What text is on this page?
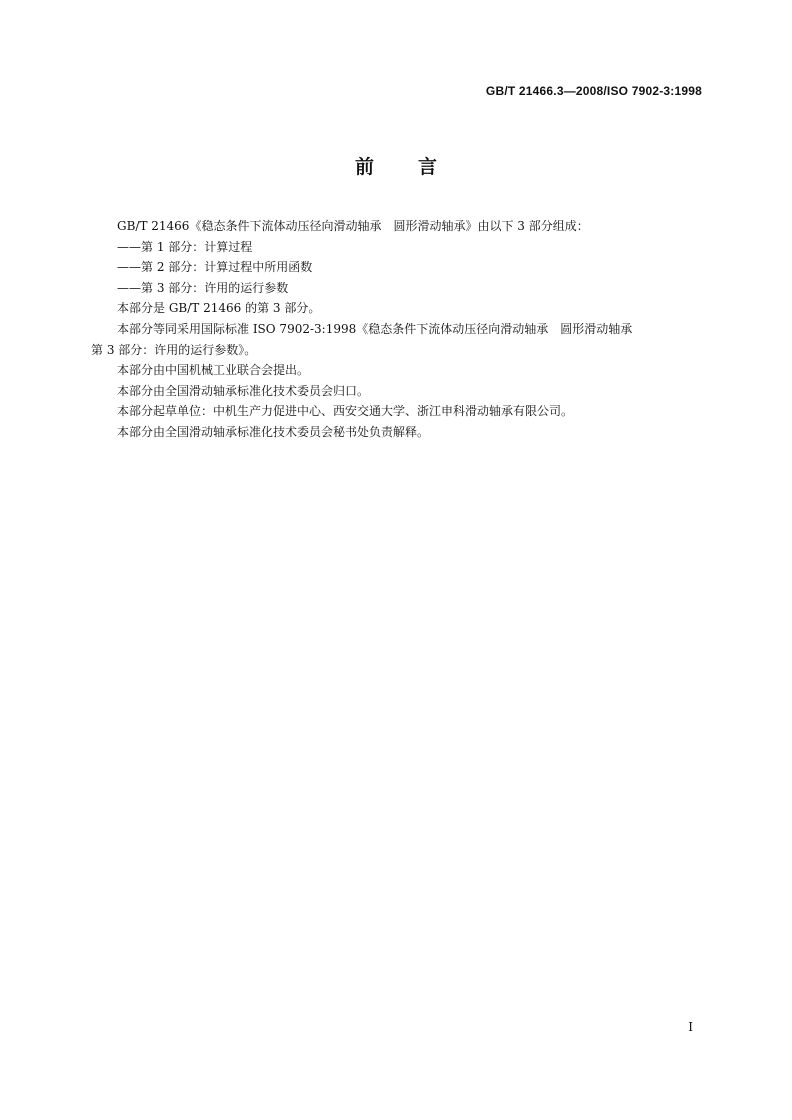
GB/T 21466.3—2008/ISO 7902-3:1998
前言

GB/T 21466《稳态条件下流体动压径向滑动轴承　圆形滑动轴承》由以下 3 部分组成：

——第 1 部分：计算过程

——第 2 部分：计算过程中所用函数

——第 3 部分：许用的运行参数

本部分是 GB/T 21466 的第 3 部分。

本部分等同采用国际标准 ISO 7902-3:1998《稳态条件下流体动压径向滑动轴承　圆形滑动轴承

第 3 部分：许用的运行参数》。

本部分由中国机械工业联合会提出。

本部分由全国滑动轴承标准化技术委员会归口。

本部分起草单位：中机生产力促进中心、西安交通大学、浙江申科滑动轴承有限公司。

本部分由全国滑动轴承标准化技术委员会秘书处负责解释。

I
